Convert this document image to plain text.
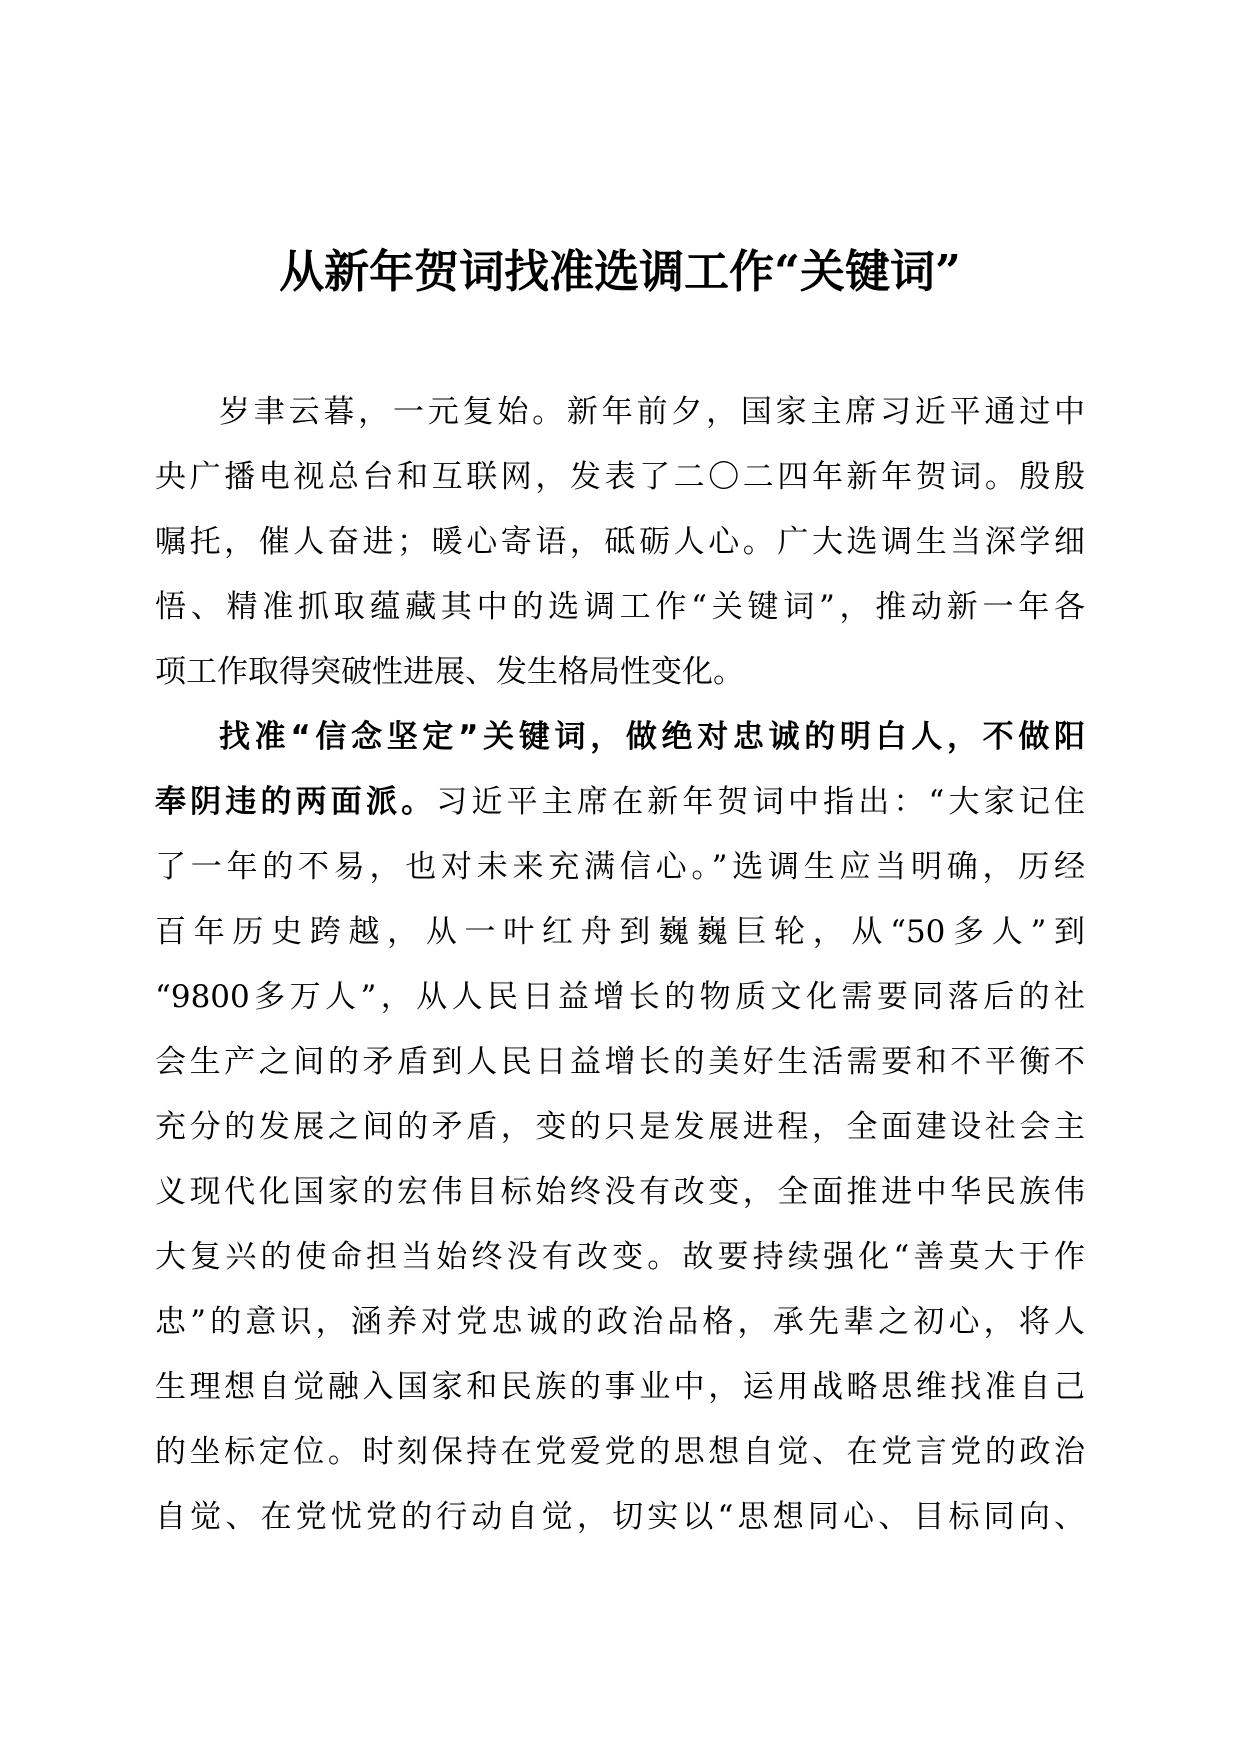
从新年贺词找准选调工作“关键词”
岁聿云暮，一元复始。新年前夕，国家主席习近平通过中
央广播电视总台和互联网，发表了二〇二四年新年贺词。殷殷
嘱托，催人奋进；暖心寄语，砥砺人心。广大选调生当深学细
悟、精准抓取蕴藏其中的选调工作“关键词”，推动新一年各
项工作取得突破性进展、发生格局性变化。
找准“信念坚定”关键词，做绝对忠诚的明白人，不做阳
奉阴违的两面派。习近平主席在新年贺词中指出：“大家记住
了一年的不易，也对未来充满信心。”选调生应当明确，历经
百年历史跨越，从一叶红舟到巍巍巨轮，从“50多人”到
“9800多万人”，从人民日益增长的物质文化需要同落后的社
会生产之间的矛盾到人民日益增长的美好生活需要和不平衡不
充分的发展之间的矛盾，变的只是发展进程，全面建设社会主
义现代化国家的宏伟目标始终没有改变，全面推进中华民族伟
大复兴的使命担当始终没有改变。故要持续强化“善莫大于作
忠”的意识，涵养对党忠诚的政治品格，承先辈之初心，将人
生理想自觉融入国家和民族的事业中，运用战略思维找准自己
的坐标定位。时刻保持在党爱党的思想自觉、在党言党的政治
自觉、在党忧党的行动自觉，切实以“思想同心、目标同向、
